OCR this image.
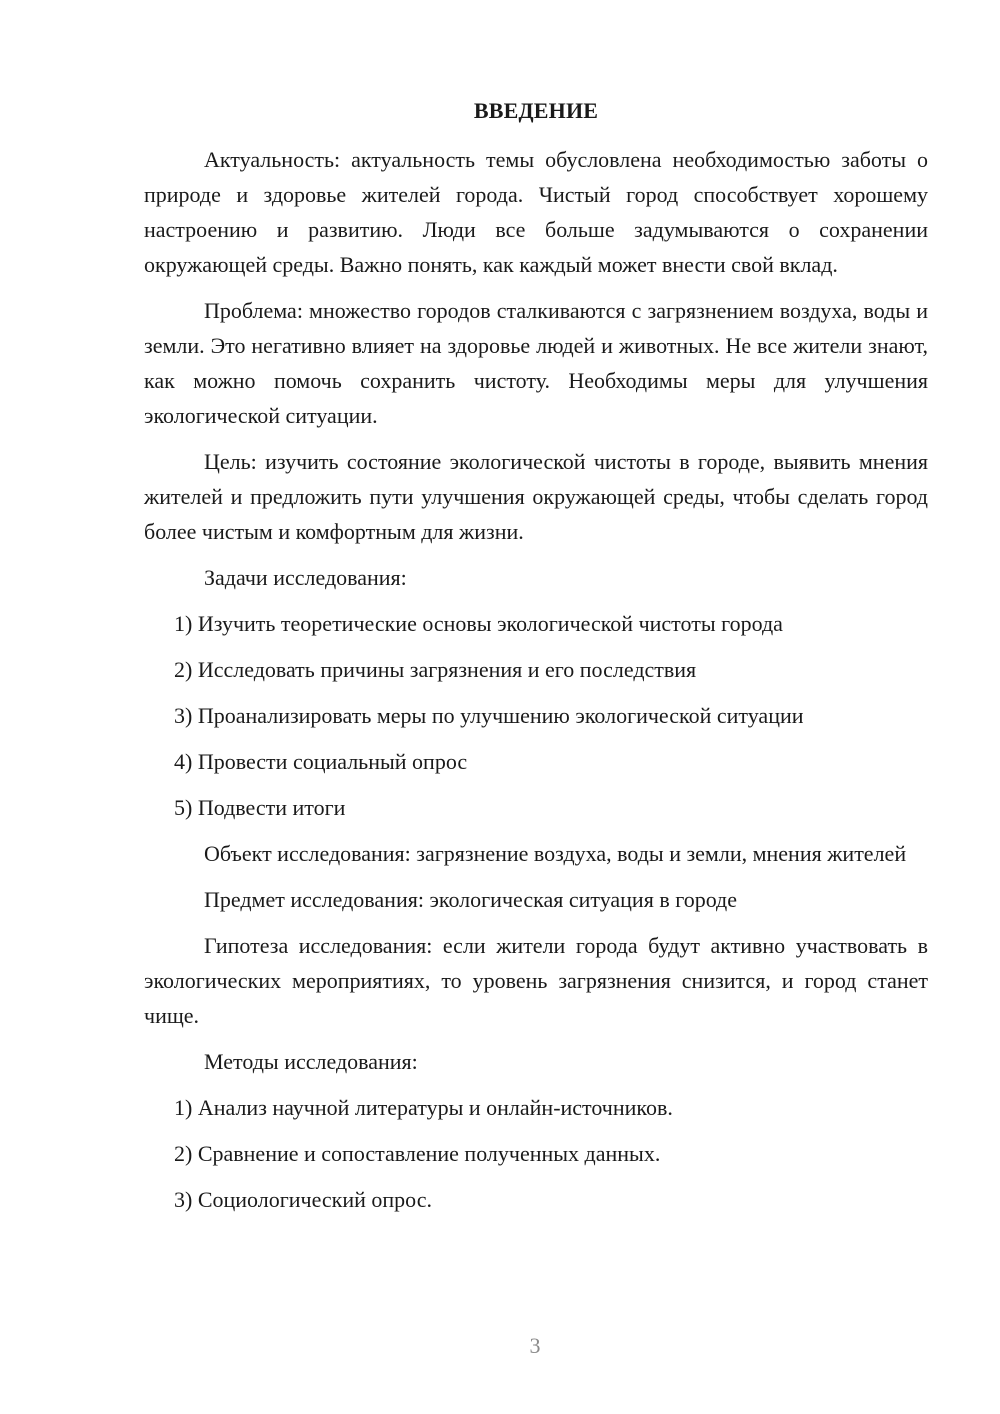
ВВЕДЕНИЕ

Актуальность: актуальность темы обусловлена необходимостью заботы о природе и здоровье жителей города. Чистый город способствует хорошему настроению и развитию. Люди все больше задумываются о сохранении окружающей среды. Важно понять, как каждый может внести свой вклад.

Проблема: множество городов сталкиваются с загрязнением воздуха, воды и земли. Это негативно влияет на здоровье людей и животных. Не все жители знают, как можно помочь сохранить чистоту. Необходимы меры для улучшения экологической ситуации.

Цель: изучить состояние экологической чистоты в городе, выявить мнения жителей и предложить пути улучшения окружающей среды, чтобы сделать город более чистым и комфортным для жизни.

Задачи исследования:

1) Изучить теоретические основы экологической чистоты города

2) Исследовать причины загрязнения и его последствия

3) Проанализировать меры по улучшению экологической ситуации

4) Провести социальный опрос

5) Подвести итоги

Объект исследования: загрязнение воздуха, воды и земли, мнения жителей

Предмет исследования: экологическая ситуация в городе

Гипотеза исследования: если жители города будут активно участвовать в экологических мероприятиях, то уровень загрязнения снизится, и город станет чище.

Методы исследования:

1) Анализ научной литературы и онлайн-источников.

2) Сравнение и сопоставление полученных данных.

3) Социологический опрос.

3
